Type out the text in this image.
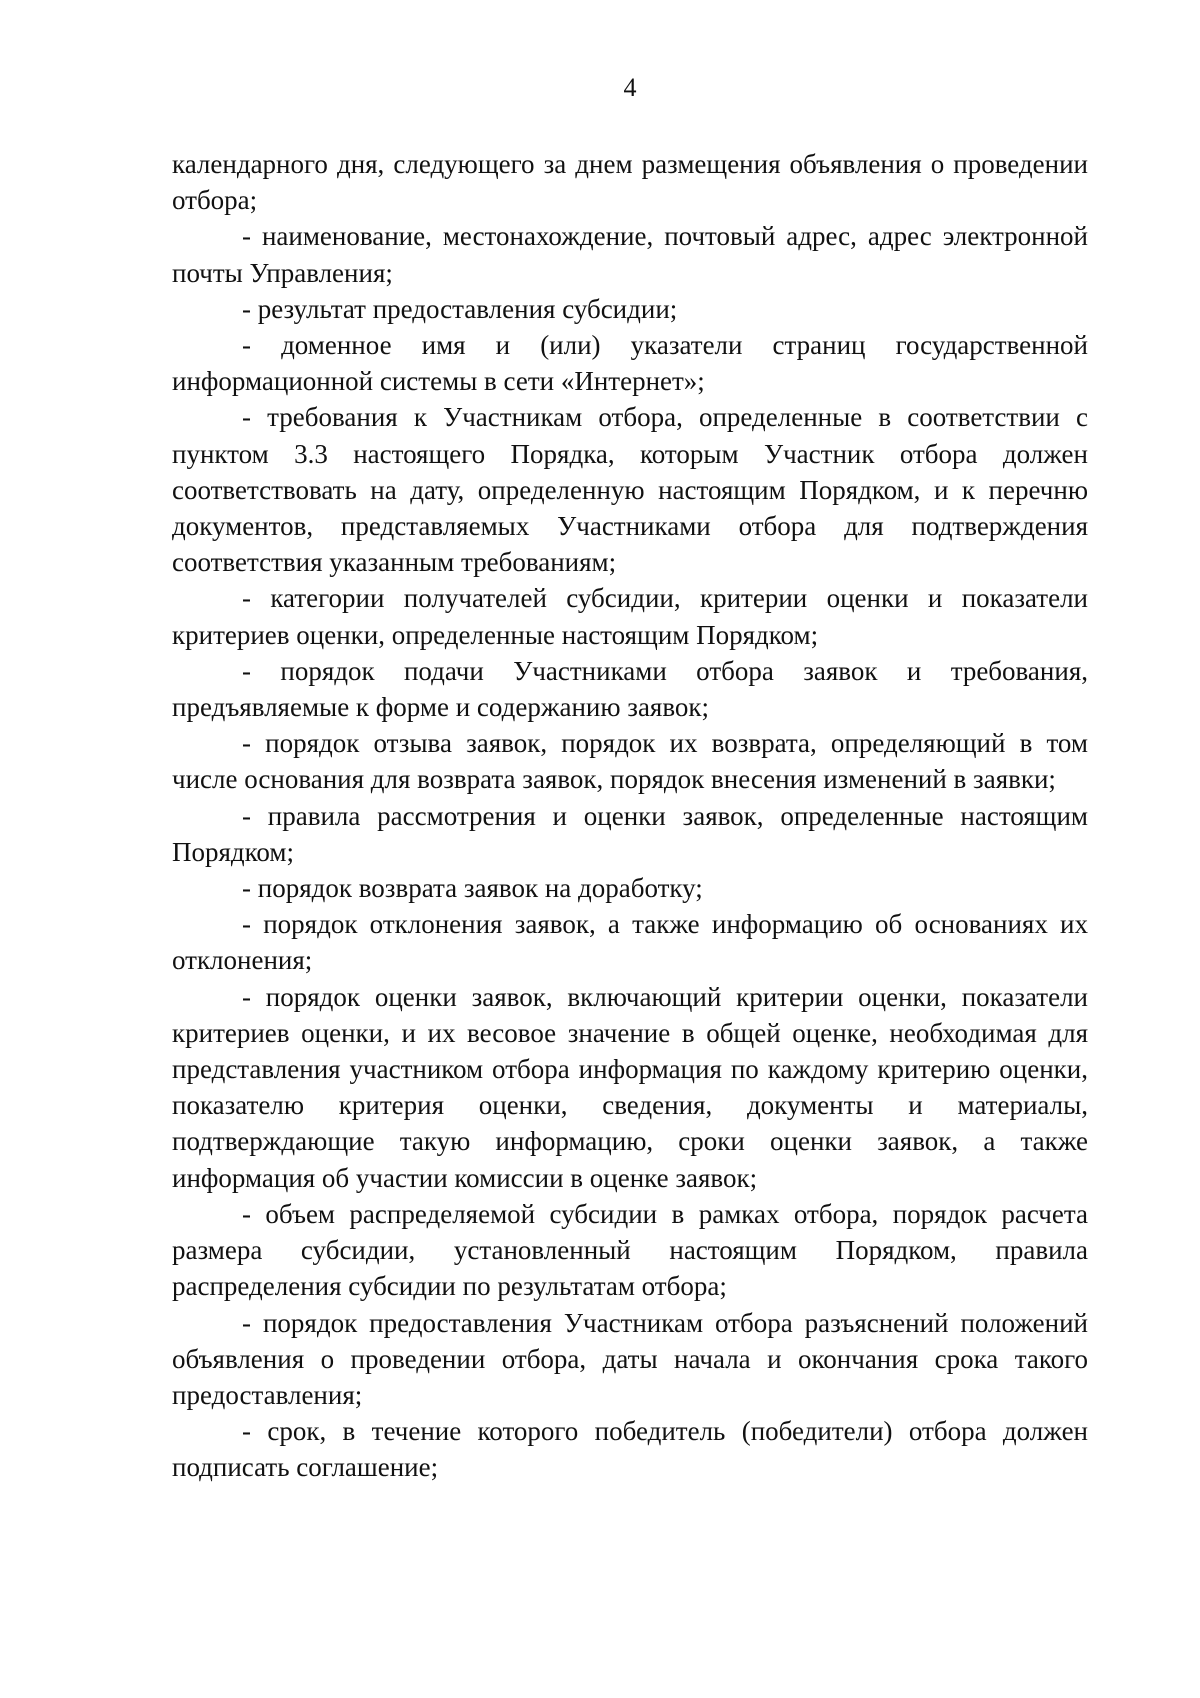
4

календарного дня, следующего за днем размещения объявления о проведении отбора;

- наименование, местонахождение, почтовый адрес, адрес электронной почты Управления;

- результат предоставления субсидии;

- доменное имя и (или) указатели страниц государственной информационной системы в сети «Интернет»;

- требования к Участникам отбора, определенные в соответствии с пунктом 3.3 настоящего Порядка, которым Участник отбора должен соответствовать на дату, определенную настоящим Порядком, и к перечню документов, представляемых Участниками отбора для подтверждения соответствия указанным требованиям;

- категории получателей субсидии, критерии оценки и показатели критериев оценки, определенные настоящим Порядком;

- порядок подачи Участниками отбора заявок и требования, предъявляемые к форме и содержанию заявок;

- порядок отзыва заявок, порядок их возврата, определяющий в том числе основания для возврата заявок, порядок внесения изменений в заявки;

- правила рассмотрения и оценки заявок, определенные настоящим Порядком;

- порядок возврата заявок на доработку;

- порядок отклонения заявок, а также информацию об основаниях их отклонения;

- порядок оценки заявок, включающий критерии оценки, показатели критериев оценки, и их весовое значение в общей оценке, необходимая для представления участником отбора информация по каждому критерию оценки, показателю критерия оценки, сведения, документы и материалы, подтверждающие такую информацию, сроки оценки заявок, а также информация об участии комиссии в оценке заявок;

- объем распределяемой субсидии в рамках отбора, порядок расчета размера субсидии, установленный настоящим Порядком, правила распределения субсидии по результатам отбора;

- порядок предоставления Участникам отбора разъяснений положений объявления о проведении отбора, даты начала и окончания срока такого предоставления;

- срок, в течение которого победитель (победители) отбора должен подписать соглашение;
